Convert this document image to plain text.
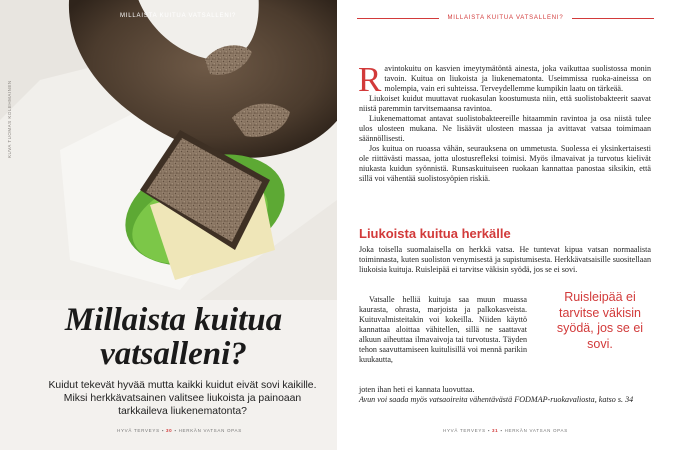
MILLAISTA KUITUA VATSALLENI?
KUVA TUOMAS KOLEHMAINEN
Millaista kuitua
vatsalleni?
Kuidut tekevät hyvää mutta kaikki kuidut eivät sovi kaikille.
Miksi herkkävatsainen valitsee liukoista ja painoaan
tarkkaileva liukenematonta?
HYVÄ TERVEYS ▪ 30 ▪ HERKÄN VATSAN OPAS
MILLAISTA KUITUA VATSALLENI?

Ravintokuitu on kasvien imeytymätöntä ainesta, joka vaikuttaa suolistossa monin tavoin. Kuitua on liukoista ja liukenematonta. Useimmissa ruoka-aineissa on molempia, vain eri suhteissa. Terveydellemme kumpikin laatu on tärkeää.

Liukoiset kuidut muuttavat ruokasulan koostumusta niin, että suolistobakteerit saavat niistä paremmin tarvitsemaansa ravintoa.

Liukenemattomat antavat suolistobakteereille hitaammin ravintoa ja osa niistä tulee ulos ulosteen mukana. Ne lisäävät ulosteen massaa ja avittavat vatsaa toimimaan säännöllisesti.

Jos kuitua on ruoassa vähän, seurauksena on ummetusta. Suolessa ei yksinkertaisesti ole riittävästi massaa, jotta ulostusrefleksi toimisi. Myös ilmavaivat ja turvotus kielivät niukasta kuidun syönnistä. Runsaskuituiseen ruokaan kannattaa panostaa siksikin, että sillä voi vähentää suolistosyöpien riskiä.

Liukoista kuitua herkälle

Joka toisella suomalaisella on herkkä vatsa. He tuntevat kipua vatsan normaalista toiminnasta, kuten suoliston venymisestä ja supistumisesta. Herkkävatsaisille suositellaan liukoisia kuituja. Ruisleipää ei tarvitse väkisin syödä, jos se ei sovi.

Vatsalle helliä kuituja saa muun muassa kaurasta, ohrasta, marjoista ja palkokasveista. Kuituvalmisteitakin voi kokeilla. Niiden käyttö kannattaa aloittaa vähitellen, sillä ne saattavat alkuun aiheuttaa ilmavaivoja tai turvotusta. Täyden tehon saavuttamiseen kuitulisillä voi mennä parikin kuukautta,

Ruisleipää ei tarvitse väkisin syödä, jos se ei sovi.

joten ihan heti ei kannata luovuttaa.

Avun voi saada myös vatsaoireita vähentävästä FODMAP-ruokavaliosta, katso s. 34

HYVÄ TERVEYS ▪ 31 ▪ HERKÄN VATSAN OPAS
